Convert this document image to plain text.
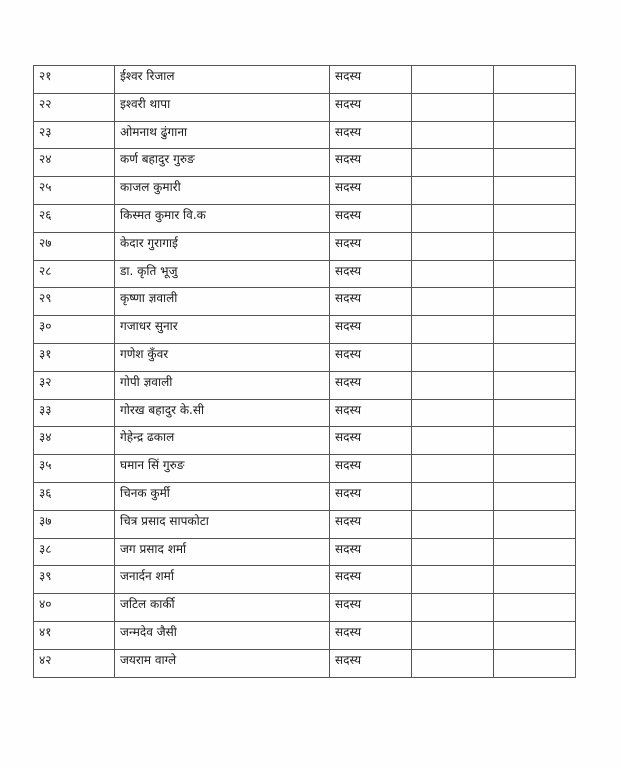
२१	ईश्वर रिजाल	सदस्य		
२२	इश्वरी थापा	सदस्य		
२३	ओमनाथ ढुंगाना	सदस्य		
२४	कर्ण बहादुर गुरुङ	सदस्य		
२५	काजल कुमारी	सदस्य		
२६	किस्मत कुमार वि.क	सदस्य		
२७	केदार गुरागाई	सदस्य		
२८	डा. कृति भूजु	सदस्य		
२९	कृष्णा ज्ञवाली	सदस्य		
३०	गजाधर सुनार	सदस्य		
३१	गणेश कुँवर	सदस्य		
३२	गोपी ज्ञवाली	सदस्य		
३३	गोरख बहादुर के.सी	सदस्य		
३४	गेहेन्द्र ढकाल	सदस्य		
३५	घमान सिं गुरुङ	सदस्य		
३६	चिनक कुर्मी	सदस्य		
३७	चित्र प्रसाद सापकोटा	सदस्य		
३८	जग प्रसाद शर्मा	सदस्य		
३९	जनार्दन शर्मा	सदस्य		
४०	जटिल कार्की	सदस्य		
४१	जन्मदेव जैसी	सदस्य		
४२	जयराम वाग्ले	सदस्य		
